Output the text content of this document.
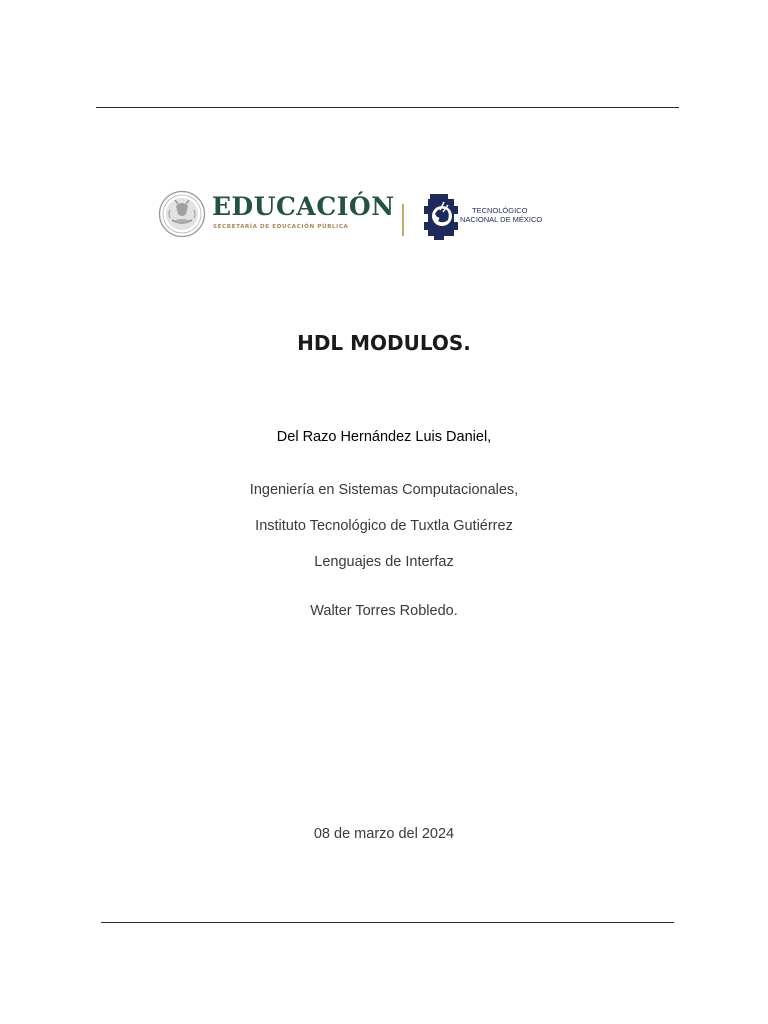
EDUCACIÓN
SECRETARÍA DE EDUCACIÓN PÚBLICA
TECNOLÓGICO
NACIONAL DE MÉXICO
HDL MODULOS.
Del Razo Hernández Luis Daniel,
Ingeniería en Sistemas Computacionales,
Instituto Tecnológico de Tuxtla Gutiérrez
Lenguajes de Interfaz
Walter Torres Robledo.
08 de marzo del 2024
